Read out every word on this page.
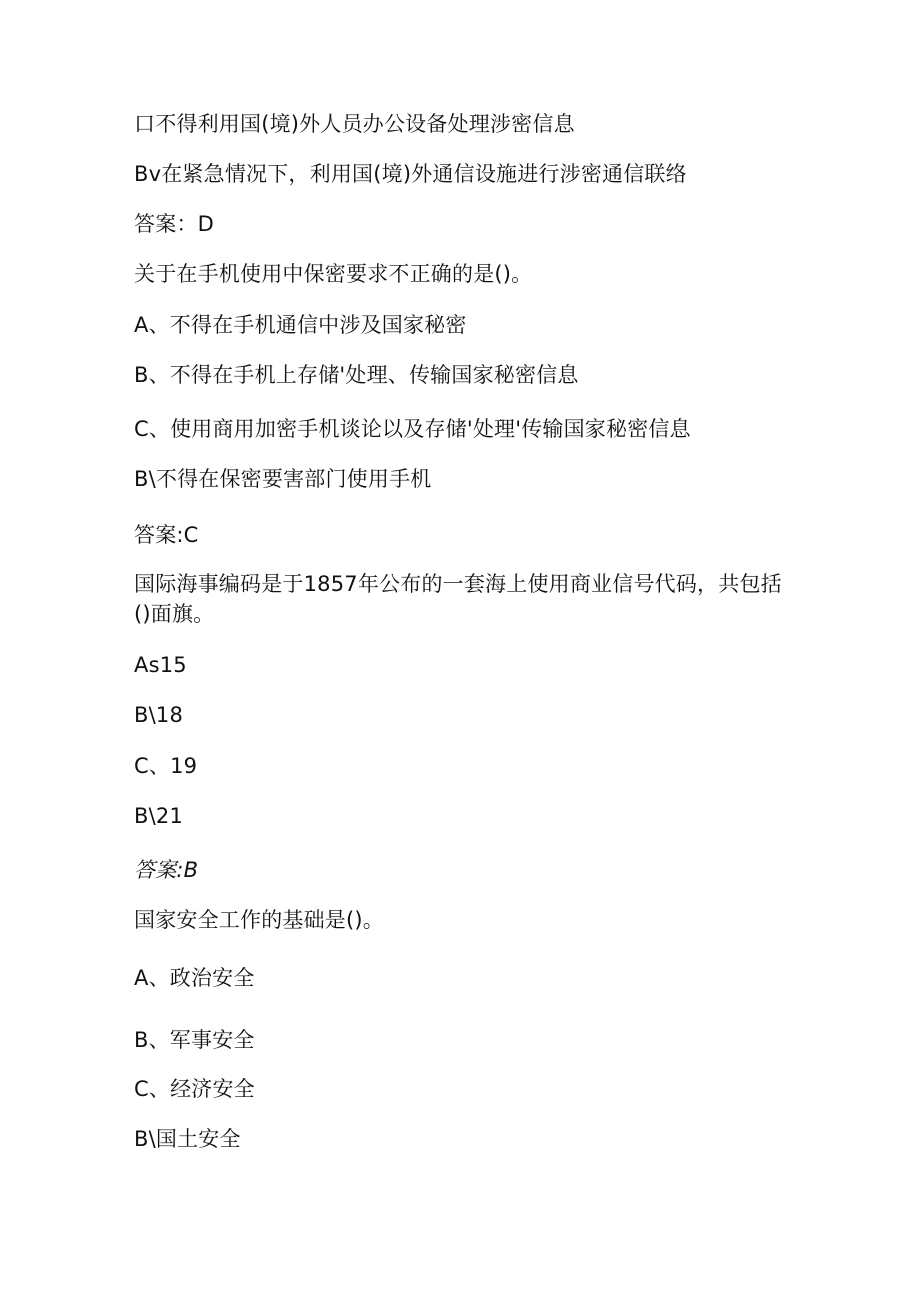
口不得利用国(境)外人员办公设备处理涉密信息
Bv在紧急情况下，利用国(境)外通信设施进行涉密通信联络
答案：D
关于在手机使用中保密要求不正确的是()。
A、不得在手机通信中涉及国家秘密
B、不得在手机上存储'处理、传输国家秘密信息
C、使用商用加密手机谈论以及存储'处理'传输国家秘密信息
B\不得在保密要害部门使用手机
答案:C
国际海事编码是于1857年公布的一套海上使用商业信号代码，共包括()面旗。
As15
B\18
C、19
B\21
答案:B
国家安全工作的基础是()。
A、政治安全
B、军事安全
C、经济安全
B\国土安全
